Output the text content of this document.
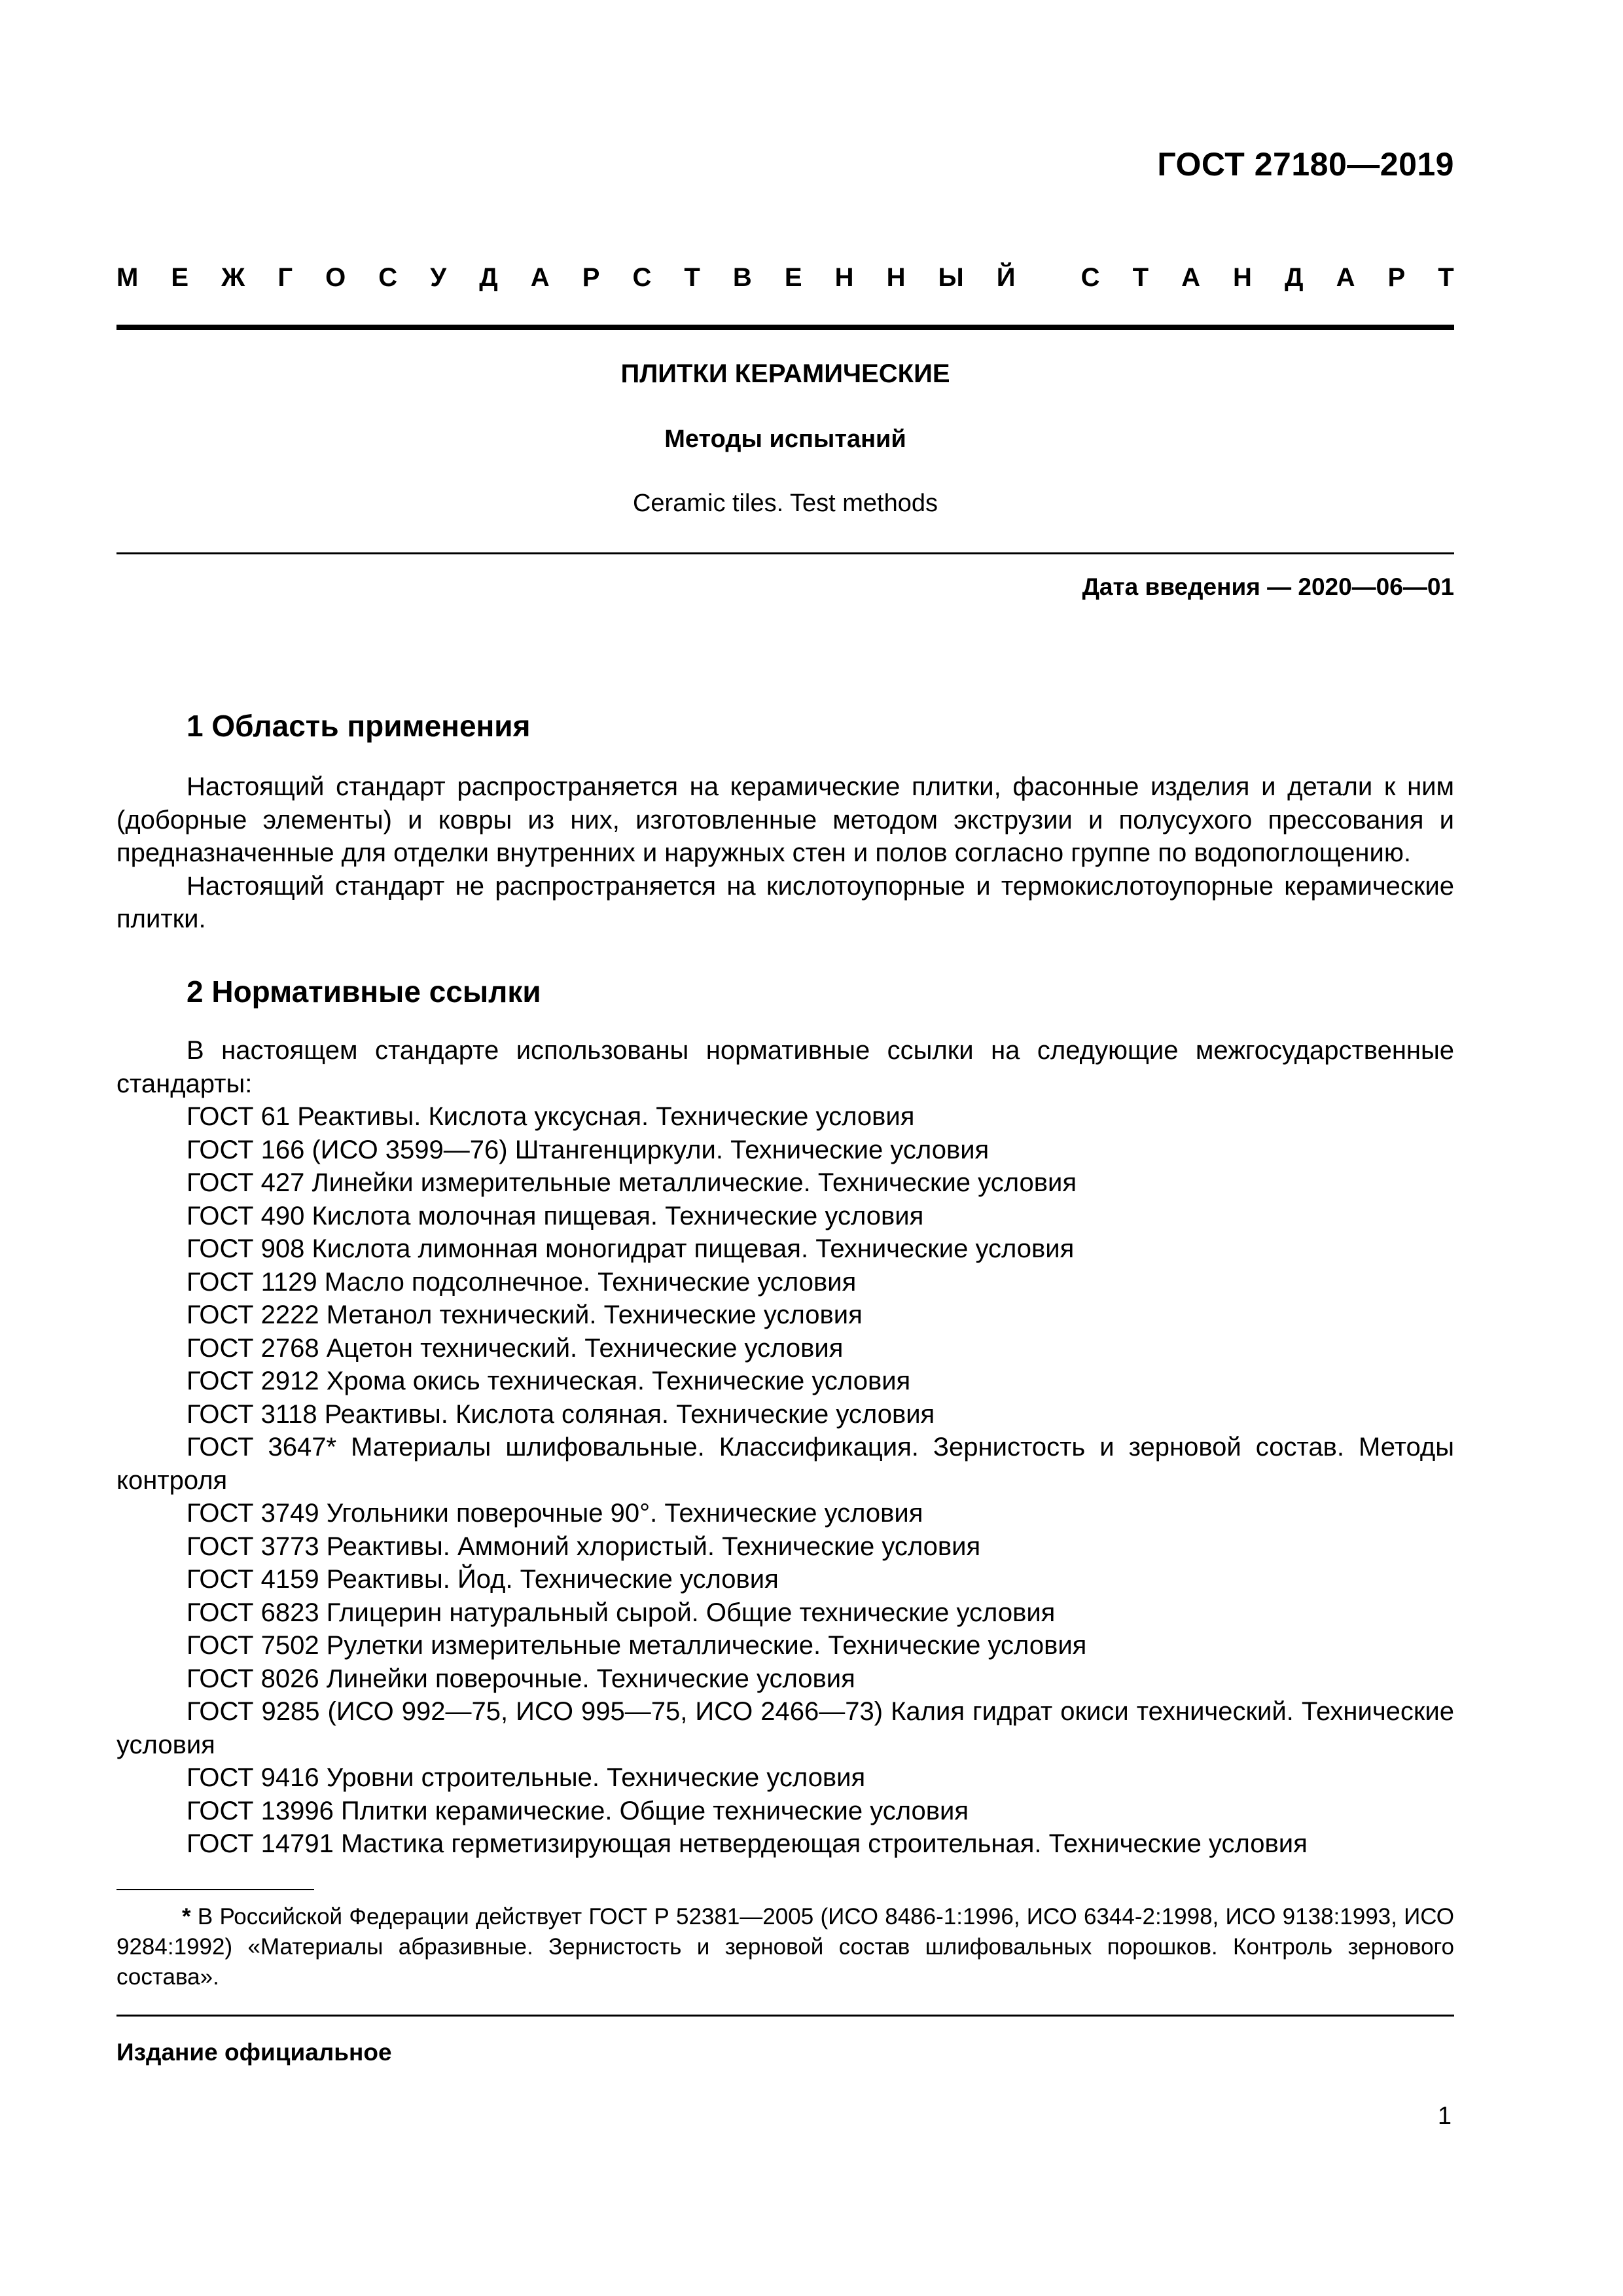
ГОСТ 27180—2019
М Е Ж Г О С У Д А Р С Т В Е Н Н Ы Й	С Т А Н Д А Р Т
ПЛИТКИ КЕРАМИЧЕСКИЕ
Методы испытаний
Ceramic tiles. Test methods
Дата введения — 2020—06—01
1 Область применения

Настоящий стандарт распространяется на керамические плитки, фасонные изделия и детали к ним (доборные элементы) и ковры из них, изготовленные методом экструзии и полусухого прессования и предназначенные для отделки внутренних и наружных стен и полов согласно группе по водопоглощению.

Настоящий стандарт не распространяется на кислотоупорные и термокислотоупорные керамические плитки.

2 Нормативные ссылки

В настоящем стандарте использованы нормативные ссылки на следующие межгосударственные стандарты:

ГОСТ 61 Реактивы. Кислота уксусная. Технические условия

ГОСТ 166 (ИСО 3599—76) Штангенциркули. Технические условия

ГОСТ 427 Линейки измерительные металлические. Технические условия

ГОСТ 490 Кислота молочная пищевая. Технические условия

ГОСТ 908 Кислота лимонная моногидрат пищевая. Технические условия

ГОСТ 1129 Масло подсолнечное. Технические условия

ГОСТ 2222 Метанол технический. Технические условия

ГОСТ 2768 Ацетон технический. Технические условия

ГОСТ 2912 Хрома окись техническая. Технические условия

ГОСТ 3118 Реактивы. Кислота соляная. Технические условия

ГОСТ 3647* Материалы шлифовальные. Классификация. Зернистость и зерновой состав. Методы контроля

ГОСТ 3749 Угольники поверочные 90°. Технические условия

ГОСТ 3773 Реактивы. Аммоний хлористый. Технические условия

ГОСТ 4159 Реактивы. Йод. Технические условия

ГОСТ 6823 Глицерин натуральный сырой. Общие технические условия

ГОСТ 7502 Рулетки измерительные металлические. Технические условия

ГОСТ 8026 Линейки поверочные. Технические условия

ГОСТ 9285 (ИСО 992—75, ИСО 995—75, ИСО 2466—73) Калия гидрат окиси технический. Технические условия

ГОСТ 9416 Уровни строительные. Технические условия

ГОСТ 13996 Плитки керамические. Общие технические условия

ГОСТ 14791 Мастика герметизирующая нетвердеющая строительная. Технические условия

* В Российской Федерации действует ГОСТ Р 52381—2005 (ИСО 8486-1:1996, ИСО 6344-2:1998, ИСО 9138:1993, ИСО 9284:1992) «Материалы абразивные. Зернистость и зерновой состав шлифовальных порошков. Контроль зернового состава».

Издание официальное
1
